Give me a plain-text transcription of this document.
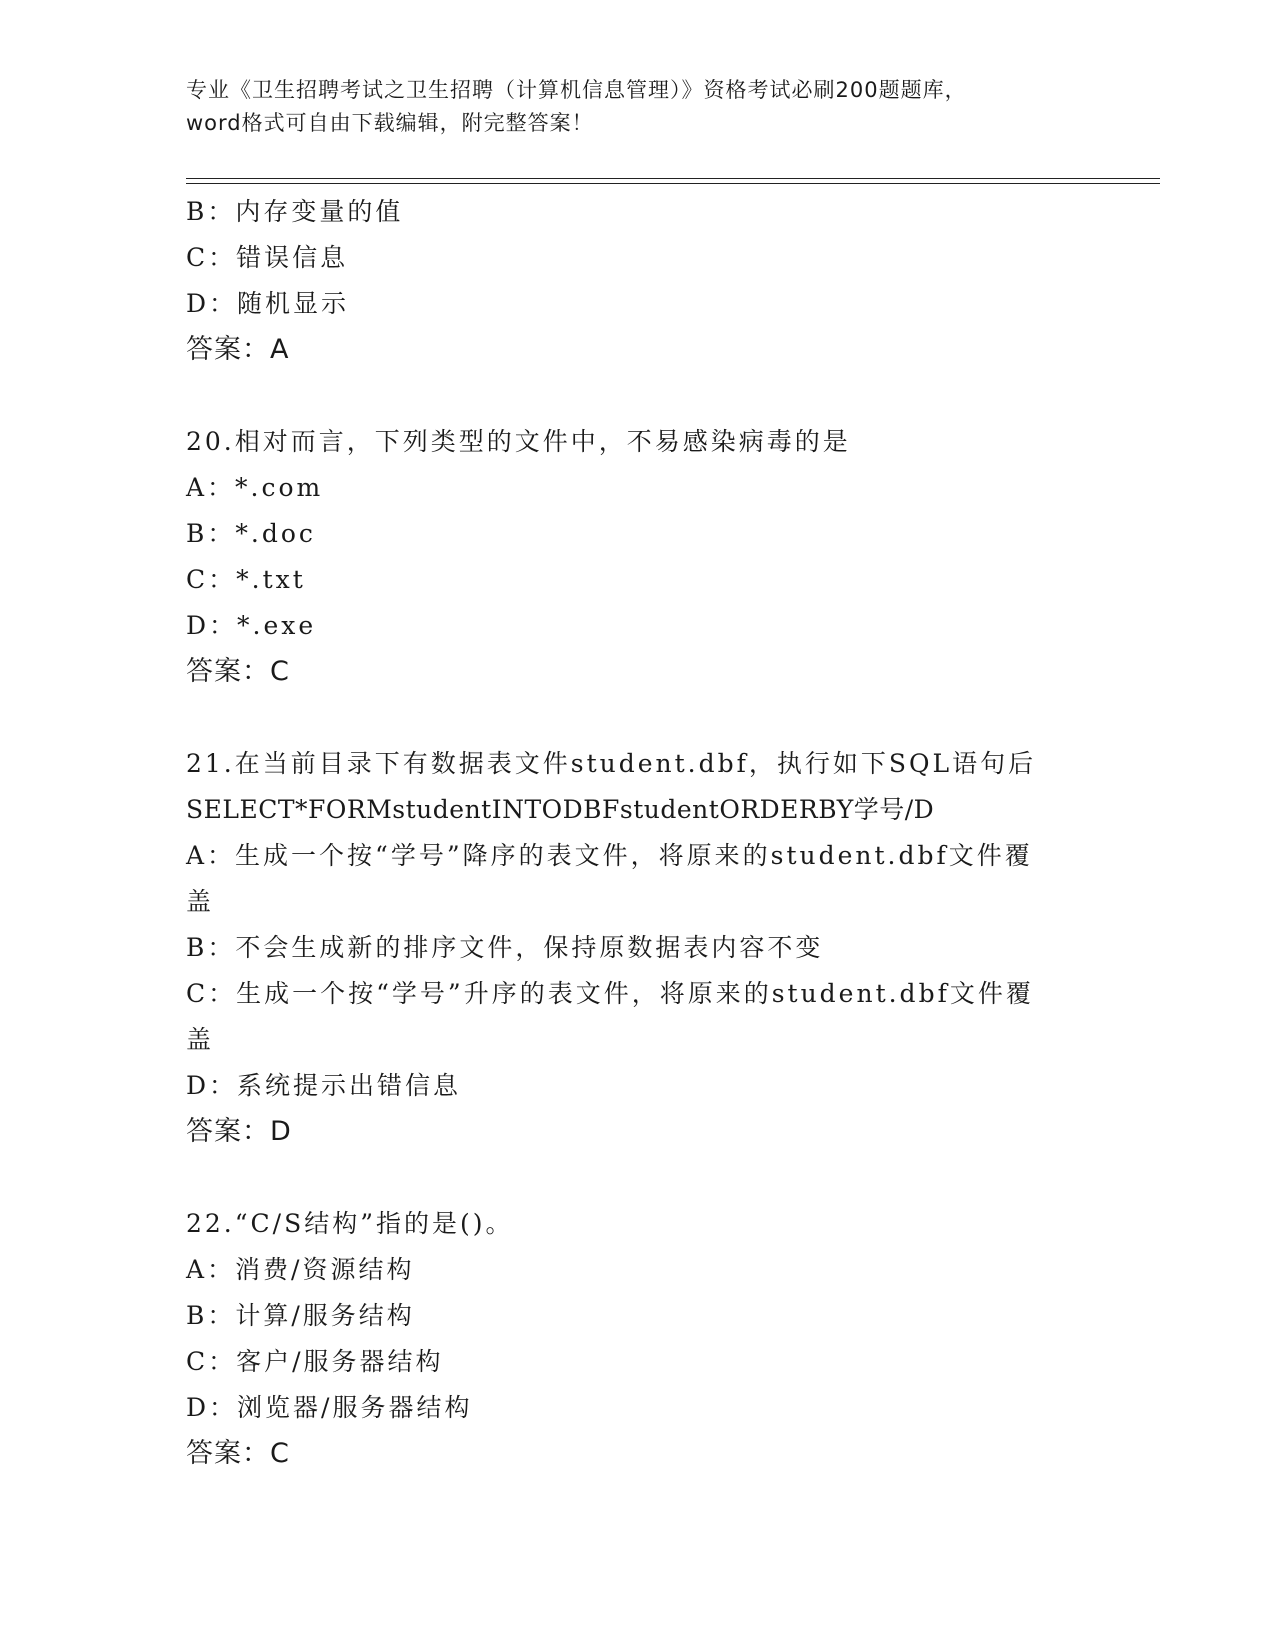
专业《卫生招聘考试之卫生招聘（计算机信息管理）》资格考试必刷200题题库，
word格式可自由下载编辑，附完整答案！
B：内存变量的值
C：错误信息
D：随机显示
答案：A
20.相对而言，下列类型的文件中，不易感染病毒的是
A：*.com
B：*.doc
C：*.txt
D：*.exe
答案：C
21.在当前目录下有数据表文件student.dbf，执行如下SQL语句后
SELECT*FORMstudentINTODBFstudentORDERBY学号/D
A：生成一个按“学号”降序的表文件，将原来的student.dbf文件覆盖
B：不会生成新的排序文件，保持原数据表内容不变
C：生成一个按“学号”升序的表文件，将原来的student.dbf文件覆盖
D：系统提示出错信息
答案：D
22.“C/S结构”指的是()。
A：消费/资源结构
B：计算/服务结构
C：客户/服务器结构
D：浏览器/服务器结构
答案：C
